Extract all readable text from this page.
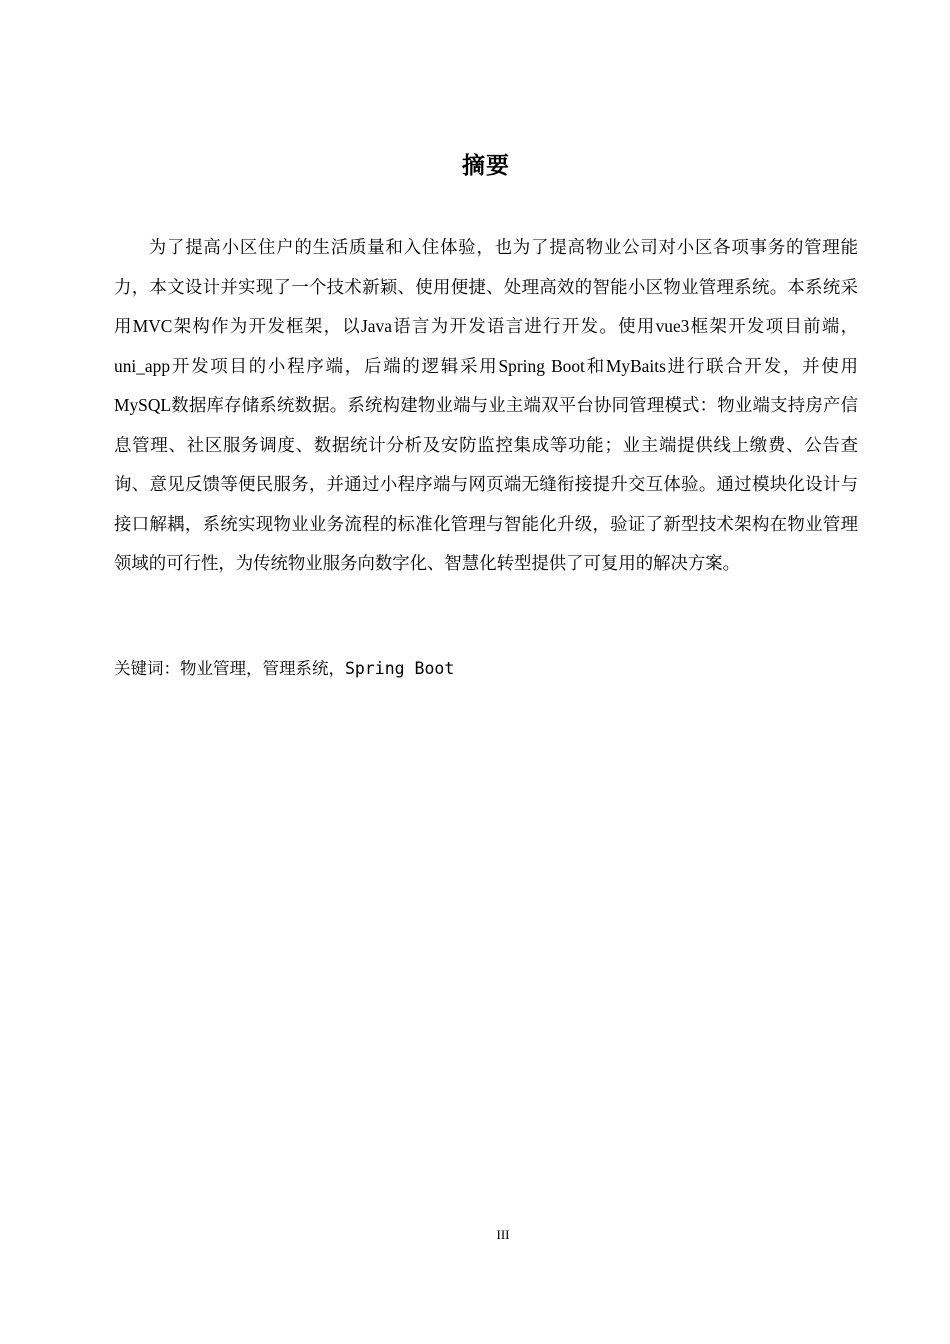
摘要

为了提高小区住户的生活质量和入住体验，也为了提高物业公司对小区各项事务的管理能力，本文设计并实现了一个技术新颖、使用便捷、处理高效的智能小区物业管理系统。本系统采用MVC架构作为开发框架，以Java语言为开发语言进行开发。使用vue3框架开发项目前端，uni_app开发项目的小程序端，后端的逻辑采用Spring Boot和MyBaits进行联合开发，并使用MySQL数据库存储系统数据。系统构建物业端与业主端双平台协同管理模式：物业端支持房产信息管理、社区服务调度、数据统计分析及安防监控集成等功能；业主端提供线上缴费、公告查询、意见反馈等便民服务，并通过小程序端与网页端无缝衔接提升交互体验。通过模块化设计与接口解耦，系统实现物业业务流程的标准化管理与智能化升级，验证了新型技术架构在物业管理领域的可行性，为传统物业服务向数字化、智慧化转型提供了可复用的解决方案。

关键词：物业管理，管理系统，Spring Boot
III
